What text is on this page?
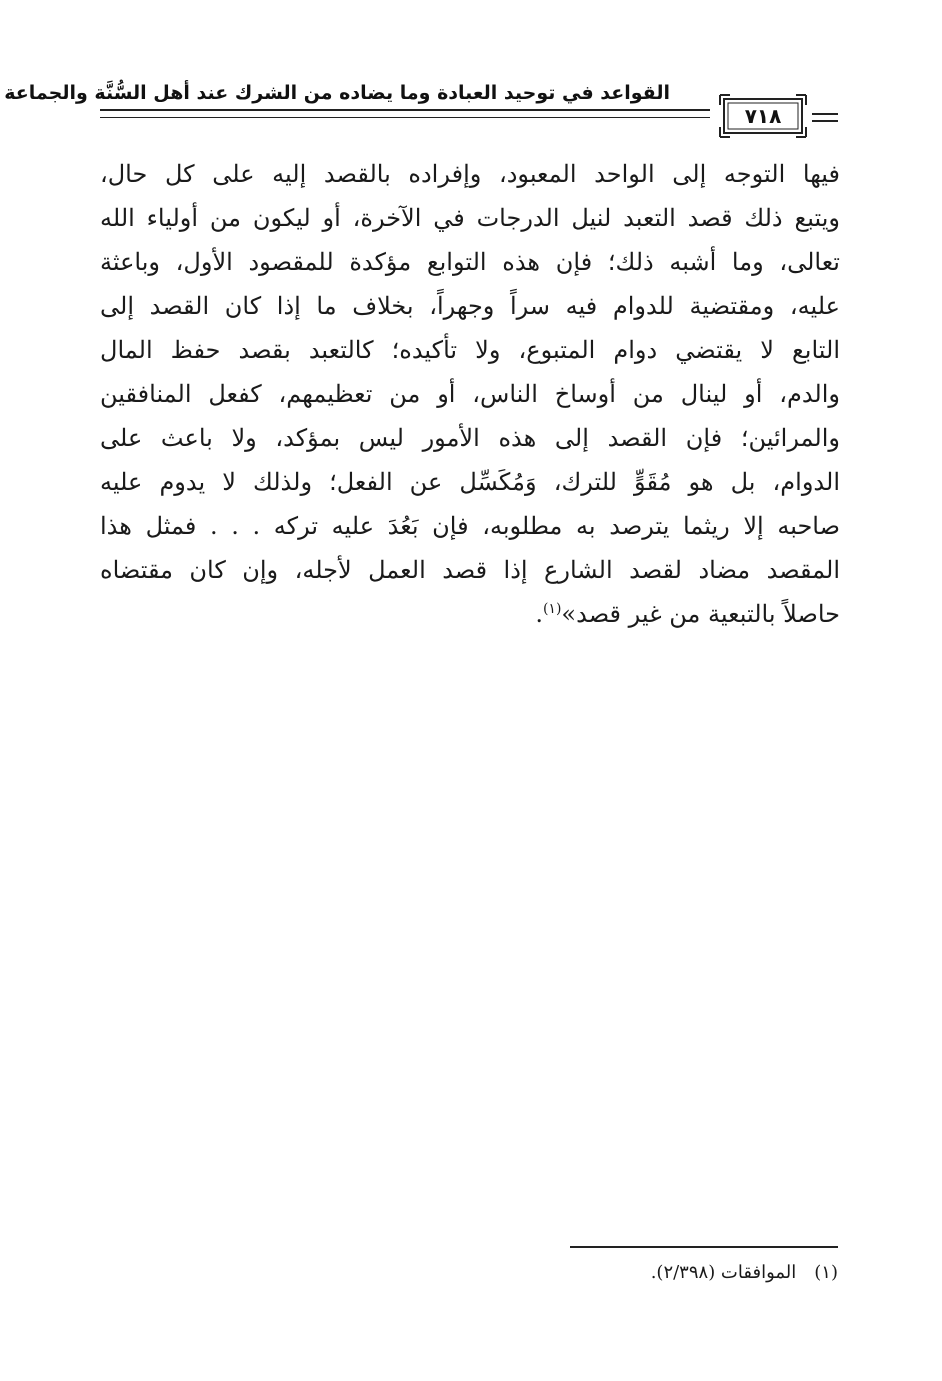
القواعد في توحيد العبادة وما يضاده من الشرك عند أهل السُّنَّة والجماعة
٧١٨
فيها التوجه إلى الواحد المعبود، وإفراده بالقصد إليه على كل حال،
ويتبع ذلك قصد التعبد لنيل الدرجات في الآخرة، أو ليكون من أولياء الله
تعالى، وما أشبه ذلك؛ فإن هذه التوابع مؤكدة للمقصود الأول، وباعثة
عليه، ومقتضية للدوام فيه سراً وجهراً، بخلاف ما إذا كان القصد إلى
التابع لا يقتضي دوام المتبوع، ولا تأكيده؛ كالتعبد بقصد حفظ المال
والدم، أو لينال من أوساخ الناس، أو من تعظيمهم، كفعل المنافقين
والمرائين؛ فإن القصد إلى هذه الأمور ليس بمؤكد، ولا باعث على
الدوام، بل هو مُقَوٍّ للترك، وَمُكَسِّل عن الفعل؛ ولذلك لا يدوم عليه
صاحبه إلا ريثما يترصد به مطلوبه، فإن بَعُدَ عليه تركه . . . فمثل هذا
المقصد مضاد لقصد الشارع إذا قصد العمل لأجله، وإن كان مقتضاه
حاصلاً بالتبعية من غير قصد»$^{(١)}$.
(١)الموافقات (٢/٣٩٨).
